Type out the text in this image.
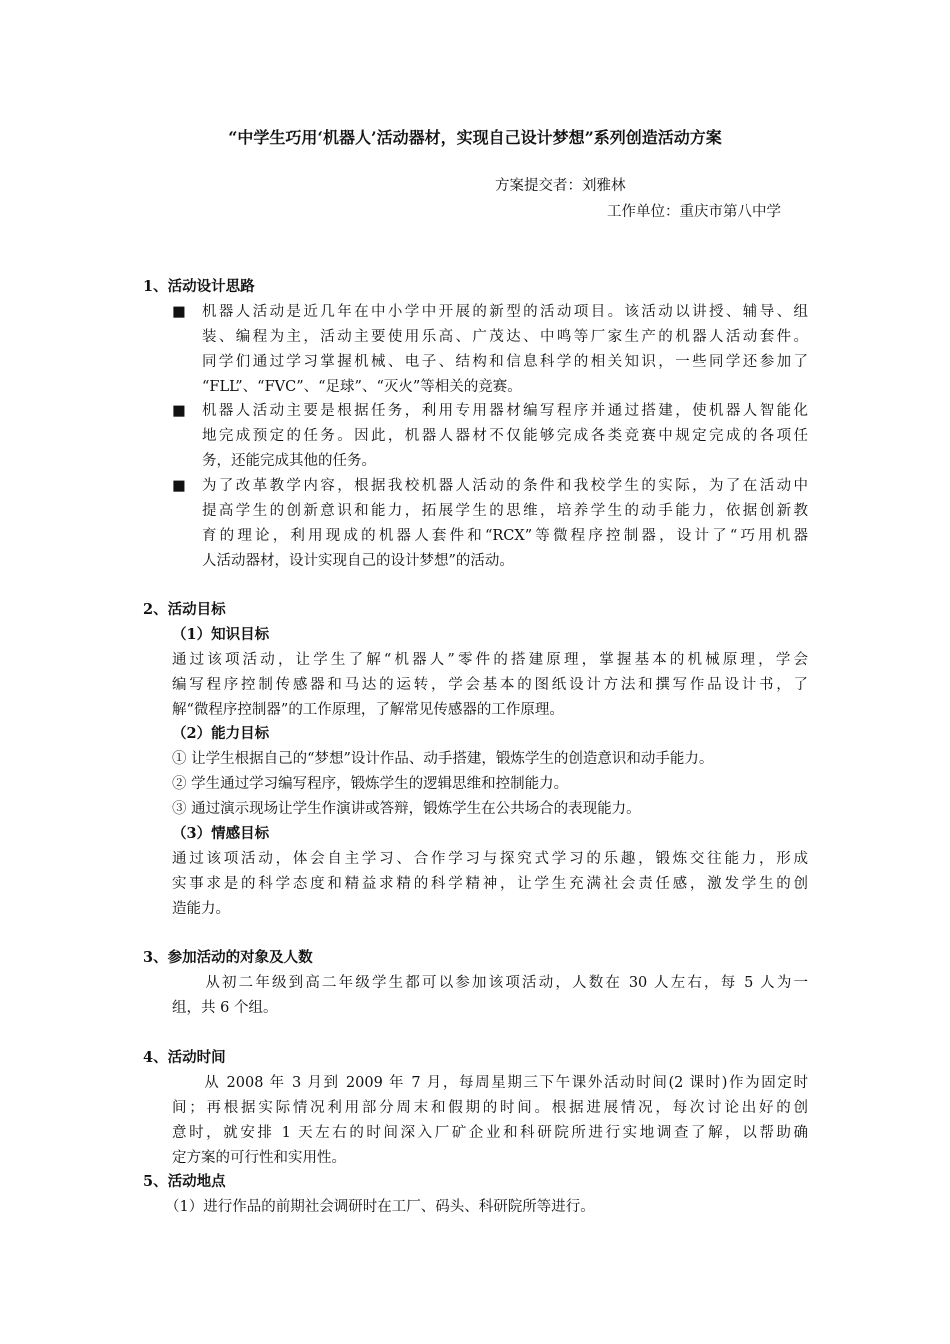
“中学生巧用‘机器人’活动器材，实现自己设计梦想”系列创造活动方案
方案提交者：刘雅林
工作单位：重庆市第八中学
1、活动设计思路
■ 机器人活动是近几年在中小学中开展的新型的活动项目。该活动以讲授、辅导、组
装、编程为主，活动主要使用乐高、广茂达、中鸣等厂家生产的机器人活动套件。
同学们通过学习掌握机械、电子、结构和信息科学的相关知识，一些同学还参加了
“FLL”、“FVC”、“足球”、“灭火”等相关的竞赛。
■ 机器人活动主要是根据任务，利用专用器材编写程序并通过搭建，使机器人智能化
地完成预定的任务。因此，机器人器材不仅能够完成各类竞赛中规定完成的各项任
务，还能完成其他的任务。
■ 为了改革教学内容，根据我校机器人活动的条件和我校学生的实际，为了在活动中
提高学生的创新意识和能力，拓展学生的思维，培养学生的动手能力，依据创新教
育的理论，利用现成的机器人套件和“RCX”等微程序控制器，设计了“巧用机器
人活动器材，设计实现自己的设计梦想”的活动。
2、活动目标
（1）知识目标
通过该项活动，让学生了解“机器人”零件的搭建原理，掌握基本的机械原理，学会
编写程序控制传感器和马达的运转，学会基本的图纸设计方法和撰写作品设计书，了
解“微程序控制器”的工作原理，了解常见传感器的工作原理。
（2）能力目标
① 让学生根据自己的“梦想”设计作品、动手搭建，锻炼学生的创造意识和动手能力。
② 学生通过学习编写程序，锻炼学生的逻辑思维和控制能力。
③ 通过演示现场让学生作演讲或答辩，锻炼学生在公共场合的表现能力。
（3）情感目标
通过该项活动，体会自主学习、合作学习与探究式学习的乐趣，锻炼交往能力，形成
实事求是的科学态度和精益求精的科学精神，让学生充满社会责任感，激发学生的创
造能力。
3、参加活动的对象及人数
　　从初二年级到高二年级学生都可以参加该项活动，人数在 30 人左右，每 5 人为一
组，共 6 个组。
4、活动时间
　　从 2008 年 3 月到 2009 年 7 月，每周星期三下午课外活动时间(2 课时)作为固定时
间；再根据实际情况利用部分周末和假期的时间。根据进展情况，每次讨论出好的创
意时，就安排 1 天左右的时间深入厂矿企业和科研院所进行实地调查了解，以帮助确
定方案的可行性和实用性。
5、活动地点
（1）进行作品的前期社会调研时在工厂、码头、科研院所等进行。
